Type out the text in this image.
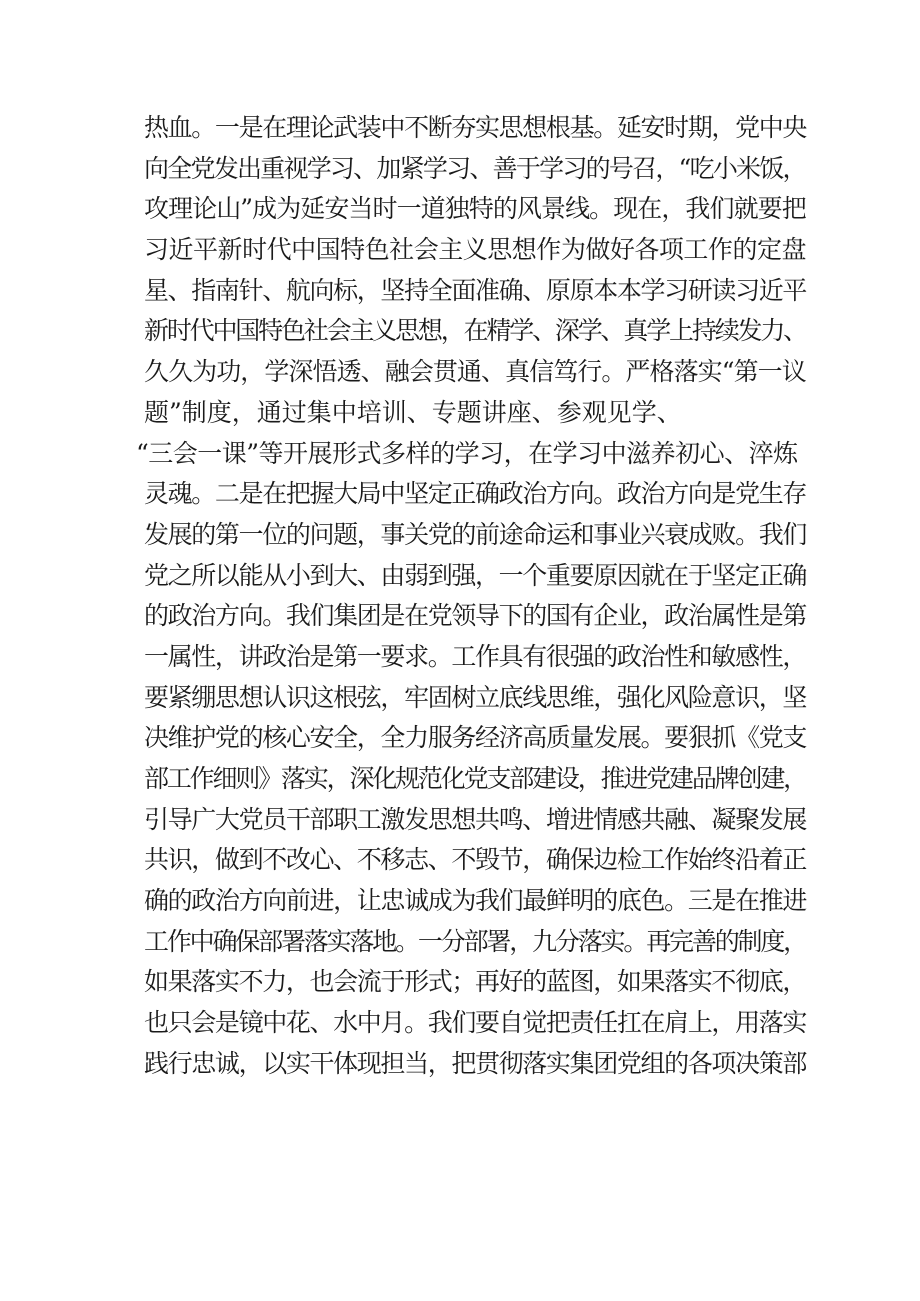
热血。一是在理论武装中不断夯实思想根基。延安时期，党中央
向全党发出重视学习、加紧学习、善于学习的号召，“吃小米饭，
攻理论山”成为延安当时一道独特的风景线。现在，我们就要把
习近平新时代中国特色社会主义思想作为做好各项工作的定盘
星、指南针、航向标，坚持全面准确、原原本本学习研读习近平
新时代中国特色社会主义思想，在精学、深学、真学上持续发力、
久久为功，学深悟透、融会贯通、真信笃行。严格落实“第一议
题”制度，通过集中培训、专题讲座、参观见学、
“三会一课”等开展形式多样的学习，在学习中滋养初心、淬炼
灵魂。二是在把握大局中坚定正确政治方向。政治方向是党生存
发展的第一位的问题，事关党的前途命运和事业兴衰成败。我们
党之所以能从小到大、由弱到强，一个重要原因就在于坚定正确
的政治方向。我们集团是在党领导下的国有企业，政治属性是第
一属性，讲政治是第一要求。工作具有很强的政治性和敏感性，
要紧绷思想认识这根弦，牢固树立底线思维，强化风险意识，坚
决维护党的核心安全，全力服务经济高质量发展。要狠抓《党支
部工作细则》落实，深化规范化党支部建设，推进党建品牌创建，
引导广大党员干部职工激发思想共鸣、增进情感共融、凝聚发展
共识，做到不改心、不移志、不毁节，确保边检工作始终沿着正
确的政治方向前进，让忠诚成为我们最鲜明的底色。三是在推进
工作中确保部署落实落地。一分部署，九分落实。再完善的制度，
如果落实不力，也会流于形式；再好的蓝图，如果落实不彻底，
也只会是镜中花、水中月。我们要自觉把责任扛在肩上，用落实
践行忠诚，以实干体现担当，把贯彻落实集团党组的各项决策部
